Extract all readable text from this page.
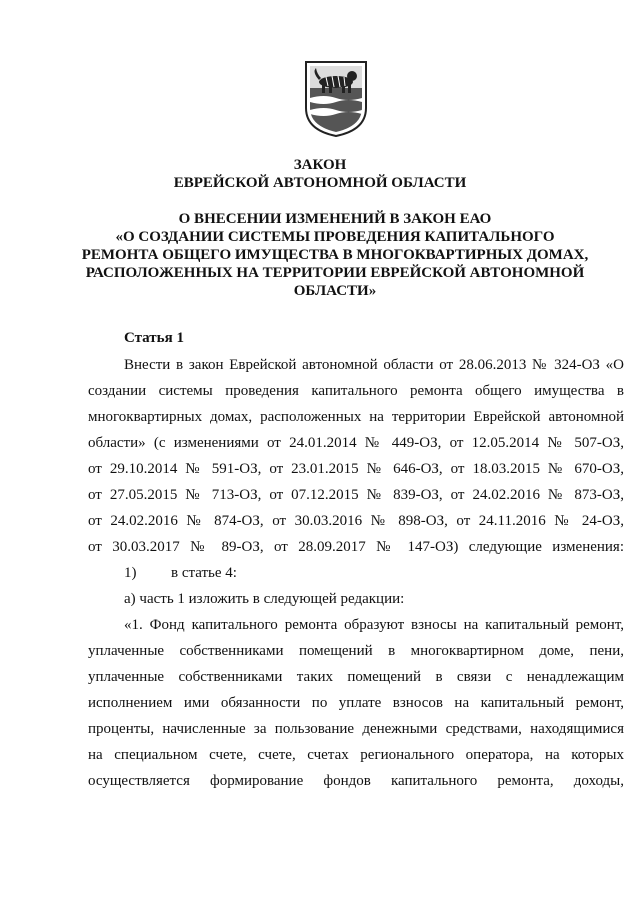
ЗАКОН
ЕВРЕЙСКОЙ АВТОНОМНОЙ ОБЛАСТИ
О ВНЕСЕНИИ ИЗМЕНЕНИЙ В ЗАКОН ЕАО
«О СОЗДАНИИ СИСТЕМЫ ПРОВЕДЕНИЯ КАПИТАЛЬНОГО
РЕМОНТА ОБЩЕГО ИМУЩЕСТВА В МНОГОКВАРТИРНЫХ ДОМАХ,
РАСПОЛОЖЕННЫХ НА ТЕРРИТОРИИ ЕВРЕЙСКОЙ АВТОНОМНОЙ
ОБЛАСТИ»
Статья 1
Внести в закон Еврейской автономной области от 28.06.2013 № 324-ОЗ «О
создании системы проведения капитального ремонта общего имущества в
многоквартирных домах, расположенных на территории Еврейской автономной
области» (с изменениями от 24.01.2014 № 449-ОЗ, от 12.05.2014 № 507-ОЗ,
от 29.10.2014 № 591-ОЗ, от 23.01.2015 № 646-ОЗ, от 18.03.2015 № 670-ОЗ,
от 27.05.2015 № 713-ОЗ, от 07.12.2015 № 839-ОЗ, от 24.02.2016 № 873-ОЗ,
от 24.02.2016 № 874-ОЗ, от 30.03.2016 № 898-ОЗ, от 24.11.2016 № 24-ОЗ,
от 30.03.2017 № 89-ОЗ, от 28.09.2017 № 147-ОЗ) следующие изменения:
1) в статье 4:
а) часть 1 изложить в следующей редакции:
«1. Фонд капитального ремонта образуют взносы на капитальный ремонт,
уплаченные собственниками помещений в многоквартирном доме, пени,
уплаченные собственниками таких помещений в связи с ненадлежащим
исполнением ими обязанности по уплате взносов на капитальный ремонт,
проценты, начисленные за пользование денежными средствами, находящимися
на специальном счете, счете, счетах регионального оператора, на которых
осуществляется формирование фондов капитального ремонта, доходы,
